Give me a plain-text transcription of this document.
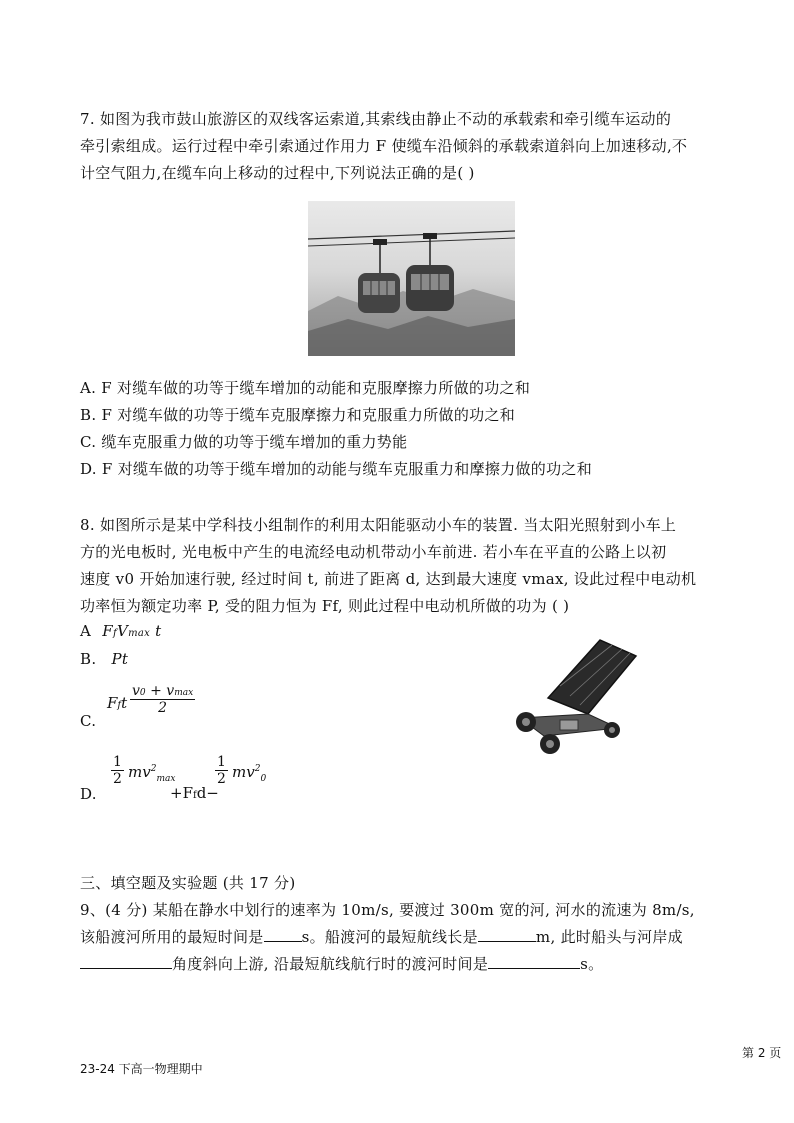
7. 如图为我市鼓山旅游区的双线客运索道,其索线由静止不动的承载索和牵引缆车运动的
牵引索组成。运行过程中牵引索通过作用力 F 使缆车沿倾斜的承载索道斜向上加速移动,不
计空气阻力,在缆车向上移动的过程中,下列说法正确的是( )
A. F 对缆车做的功等于缆车增加的动能和克服摩擦力所做的功之和
B. F 对缆车做的功等于缆车克服摩擦力和克服重力所做的功之和
C. 缆车克服重力做的功等于缆车增加的重力势能
D. F 对缆车做的功等于缆车增加的动能与缆车克服重力和摩擦力做的功之和
8. 如图所示是某中学科技小组制作的利用太阳能驱动小车的装置. 当太阳光照射到小车上
方的光电板时, 光电板中产生的电流经电动机带动小车前进. 若小车在平直的公路上以初
速度 v0 开始加速行驶, 经过时间 t, 前进了距离 d, 达到最大速度 vmax, 设此过程中电动机
功率恒为额定功率 P, 受的阻力恒为 Ff, 则此过程中电动机所做的功为 ( )
A FfVmax t
B. Pt
C.
Fft
v0 + vmax
2
D.
$\frac{1}{2} mv^2_{max}$
+Ffd−
$\frac{1}{2} mv^2_0$
三、填空题及实验题 (共 17 分)
9、(4 分) 某船在静水中划行的速率为 10m/s, 要渡过 300m 宽的河, 河水的流速为 8m/s,
该船渡河所用的最短时间是	s。船渡河的最短航线长是	m, 此时船头与河岸成
角度斜向上游, 沿最短航线航行时的渡河时间是	s。
第 2 页
23-24 下高一物理期中
